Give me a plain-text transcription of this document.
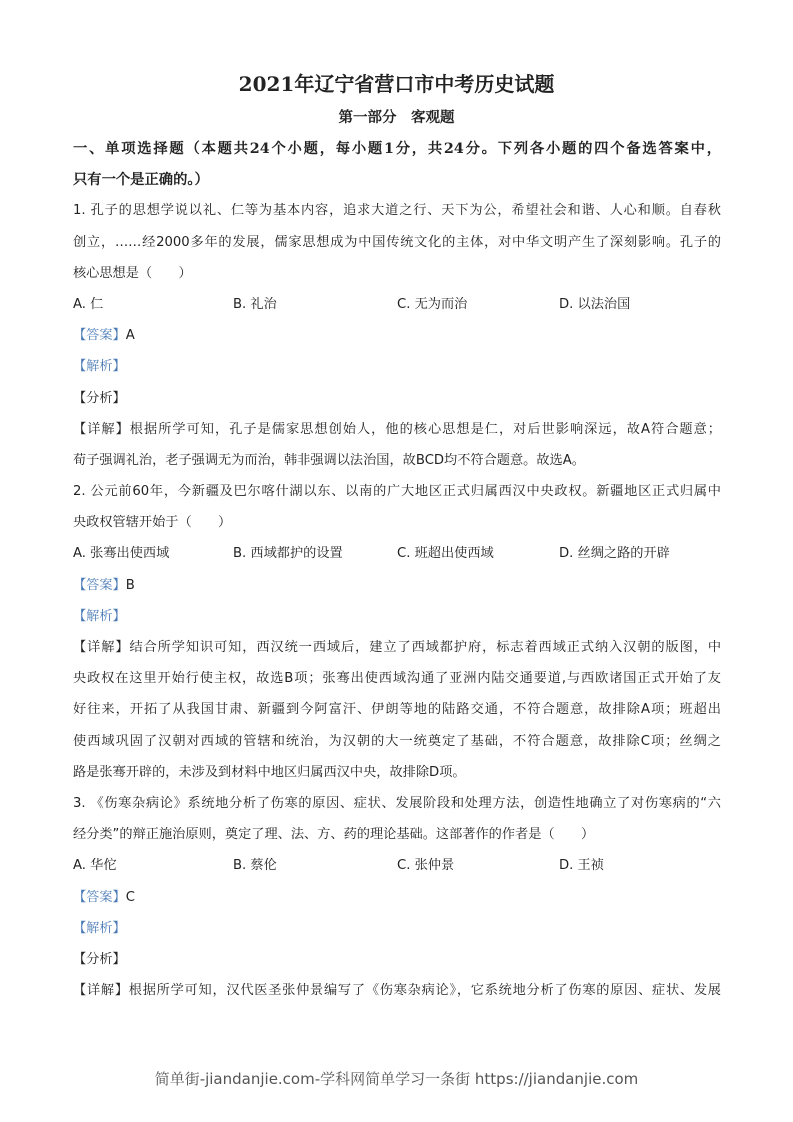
2021年辽宁省营口市中考历史试题
第一部分　客观题
一、单项选择题（本题共24个小题，每小题1分，共24分。下列各小题的四个备选答案中，
只有一个是正确的。）
1. 孔子的思想学说以礼、仁等为基本内容，追求大道之行、天下为公，希望社会和谐、人心和顺。自春秋
创立，……经2000多年的发展，儒家思想成为中国传统文化的主体，对中华文明产生了深刻影响。孔子的
核心思想是（　　）
A. 仁	B. 礼治	C. 无为而治	D. 以法治国
【答案】A
【解析】
【分析】
【详解】根据所学可知，孔子是儒家思想创始人，他的核心思想是仁，对后世影响深远，故A符合题意；
荀子强调礼治，老子强调无为而治，韩非强调以法治国，故BCD均不符合题意。故选A。
2. 公元前60年，今新疆及巴尔喀什湖以东、以南的广大地区正式归属西汉中央政权。新疆地区正式归属中
央政权管辖开始于（　　）
A. 张骞出使西域	B. 西域都护的设置	C. 班超出使西域	D. 丝绸之路的开辟
【答案】B
【解析】
【详解】结合所学知识可知，西汉统一西域后，建立了西域都护府，标志着西域正式纳入汉朝的版图，中
央政权在这里开始行使主权，故选B项；张骞出使西域沟通了亚洲内陆交通要道,与西欧诸国正式开始了友
好往来，开拓了从我国甘肃、新疆到今阿富汗、伊朗等地的陆路交通，不符合题意，故排除A项；班超出
使西域巩固了汉朝对西域的管辖和统治，为汉朝的大一统奠定了基础，不符合题意，故排除C项；丝绸之
路是张骞开辟的，未涉及到材料中地区归属西汉中央，故排除D项。
3. 《伤寒杂病论》系统地分析了伤寒的原因、症状、发展阶段和处理方法，创造性地确立了对伤寒病的“六
经分类”的辩正施治原则，奠定了理、法、方、药的理论基础。这部著作的作者是（　　）
A. 华佗	B. 蔡伦	C. 张仲景	D. 王祯
【答案】C
【解析】
【分析】
【详解】根据所学可知，汉代医圣张仲景编写了《伤寒杂病论》，它系统地分析了伤寒的原因、症状、发展
简单街-jiandanjie.com-学科网简单学习一条街 https://jiandanjie.com
